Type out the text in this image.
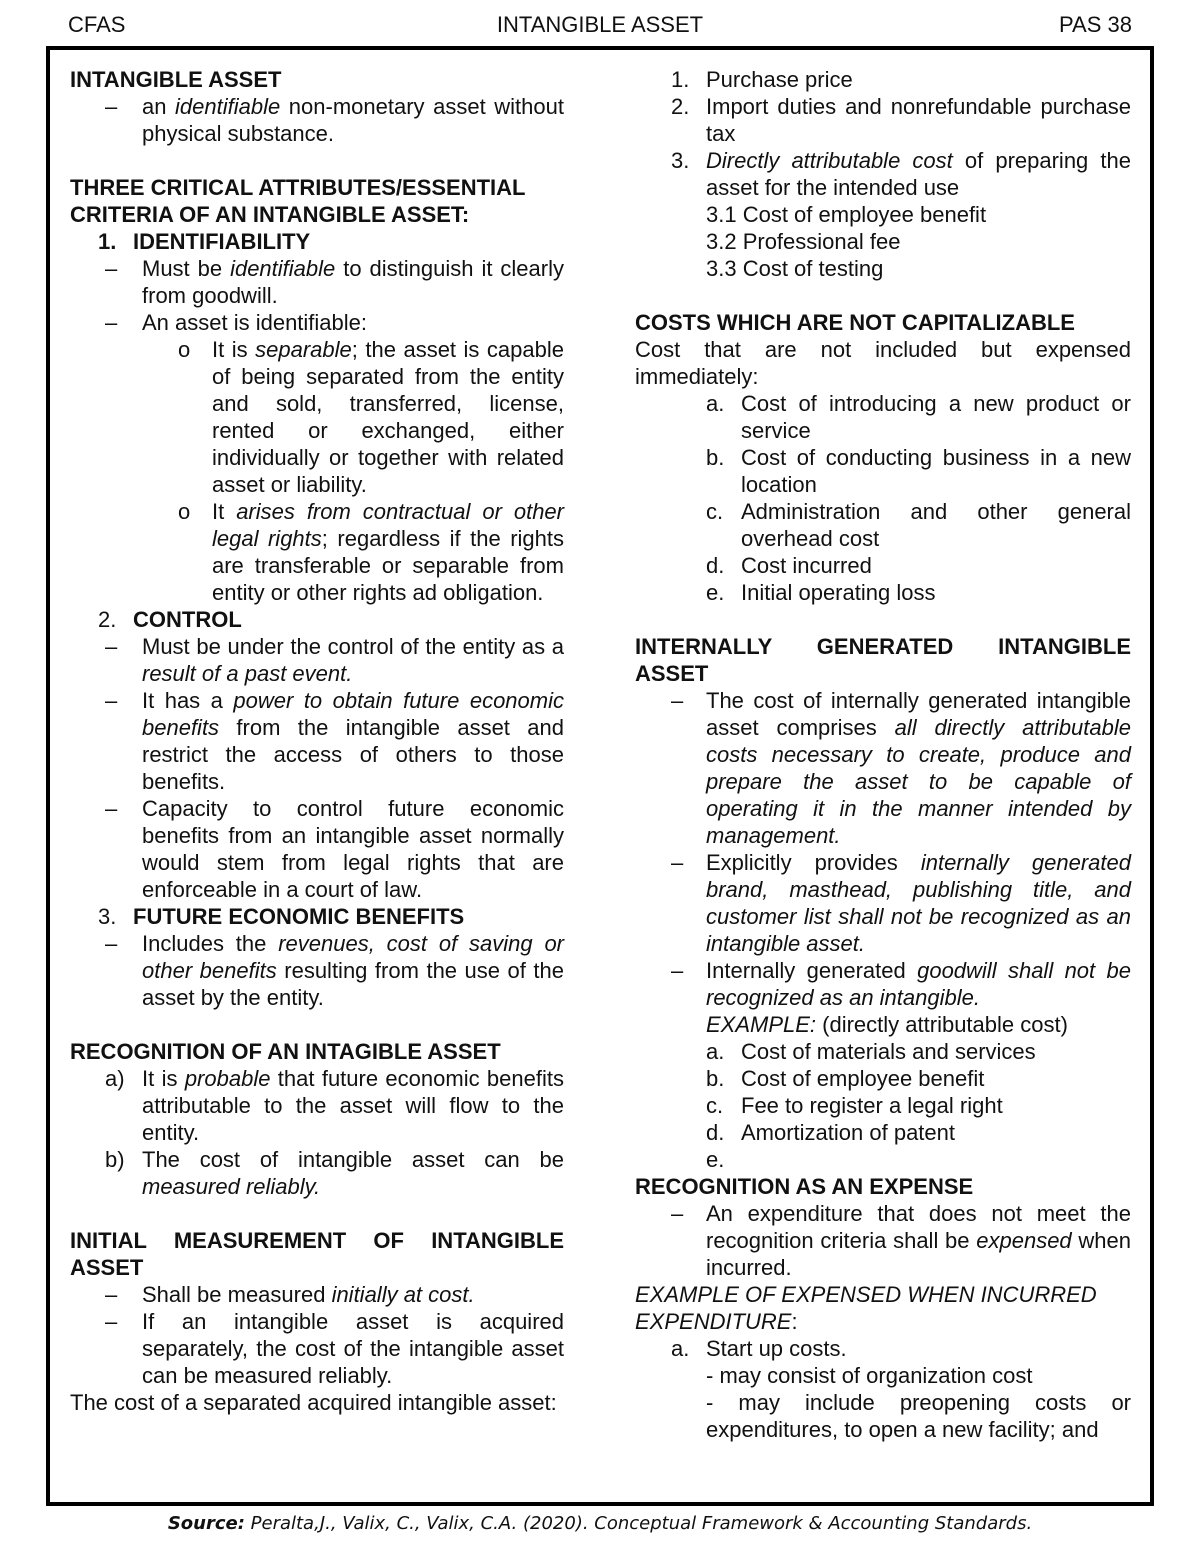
CFAS	INTANGIBLE ASSET	PAS 38
INTANGIBLE ASSET
– an identifiable non-monetary asset without physical substance.
THREE CRITICAL ATTRIBUTES/ESSENTIAL CRITERIA OF AN INTANGIBLE ASSET:
1. IDENTIFIABILITY
– Must be identifiable to distinguish it clearly from goodwill.
– An asset is identifiable:
o It is separable; the asset is capable of being separated from the entity and sold, transferred, license, rented or exchanged, either individually or together with related asset or liability.
o It arises from contractual or other legal rights; regardless if the rights are transferable or separable from entity or other rights ad obligation.
2. CONTROL
– Must be under the control of the entity as a result of a past event.
– It has a power to obtain future economic benefits from the intangible asset and restrict the access of others to those benefits.
– Capacity to control future economic benefits from an intangible asset normally would stem from legal rights that are enforceable in a court of law.
3. FUTURE ECONOMIC BENEFITS
– Includes the revenues, cost of saving or other benefits resulting from the use of the asset by the entity.
RECOGNITION OF AN INTAGIBLE ASSET
a) It is probable that future economic benefits attributable to the asset will flow to the entity.
b) The cost of intangible asset can be measured reliably.
INITIAL MEASUREMENT OF INTANGIBLE ASSET
– Shall be measured initially at cost.
– If an intangible asset is acquired separately, the cost of the intangible asset can be measured reliably.
The cost of a separated acquired intangible asset:
1. Purchase price
2. Import duties and nonrefundable purchase tax
3. Directly attributable cost of preparing the asset for the intended use
3.1 Cost of employee benefit
3.2 Professional fee
3.3 Cost of testing
COSTS WHICH ARE NOT CAPITALIZABLE
Cost that are not included but expensed immediately:
a. Cost of introducing a new product or service
b. Cost of conducting business in a new location
c. Administration and other general overhead cost
d. Cost incurred
e. Initial operating loss
INTERNALLY GENERATED INTANGIBLE ASSET
– The cost of internally generated intangible asset comprises all directly attributable costs necessary to create, produce and prepare the asset to be capable of operating it in the manner intended by management.
– Explicitly provides internally generated brand, masthead, publishing title, and customer list shall not be recognized as an intangible asset.
– Internally generated goodwill shall not be recognized as an intangible.
EXAMPLE: (directly attributable cost)
a. Cost of materials and services
b. Cost of employee benefit
c. Fee to register a legal right
d. Amortization of patent
e.
RECOGNITION AS AN EXPENSE
– An expenditure that does not meet the recognition criteria shall be expensed when incurred.
EXAMPLE OF EXPENSED WHEN INCURRED EXPENDITURE:
a. Start up costs.
- may consist of organization cost
- may include preopening costs or expenditures, to open a new facility; and
Source: Peralta,J., Valix, C., Valix, C.A. (2020). Conceptual Framework & Accounting Standards.
